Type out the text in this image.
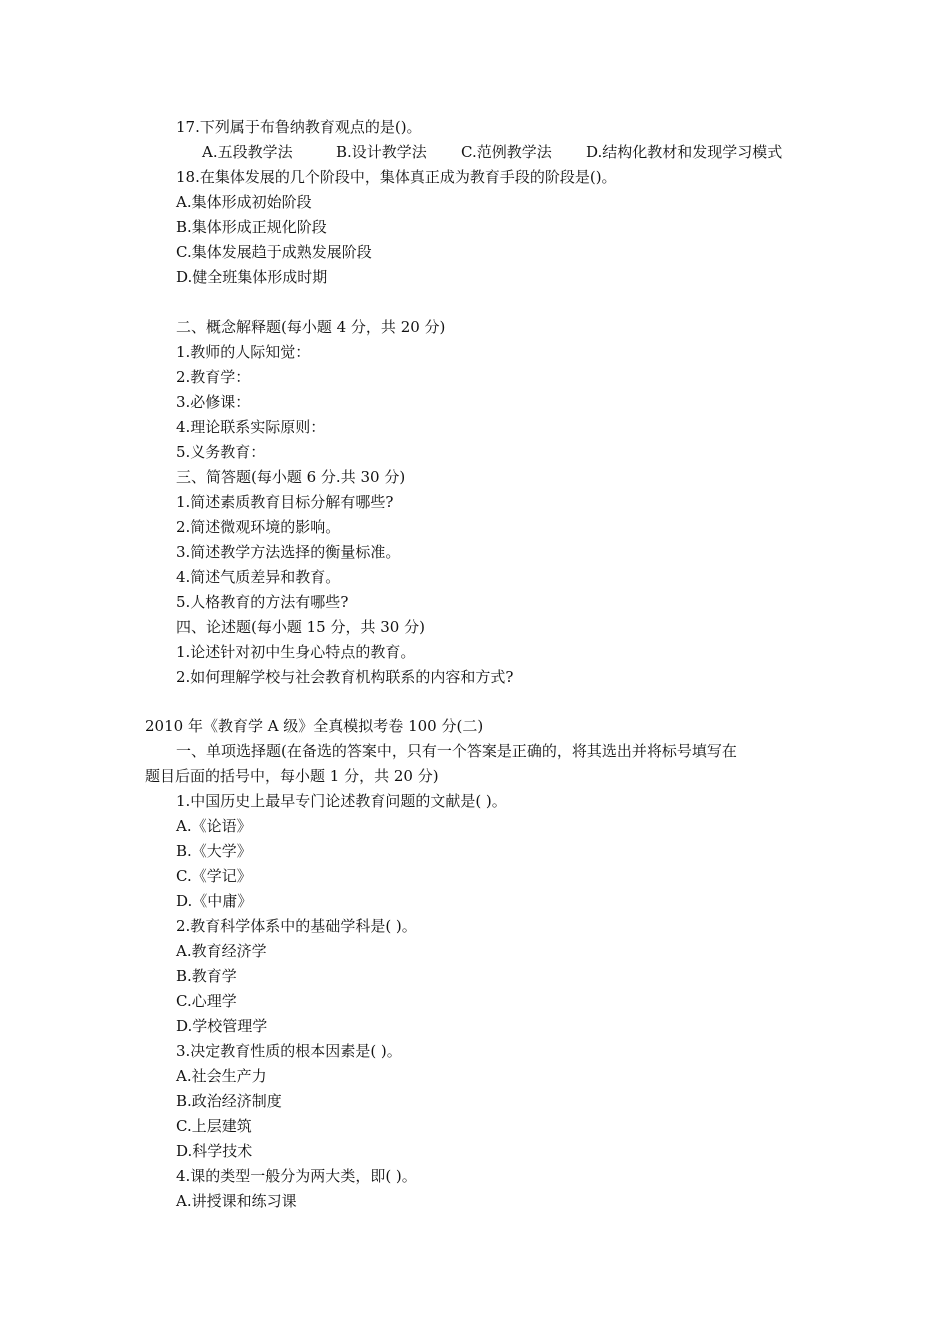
17.下列属于布鲁纳教育观点的是()。
A.五段教学法	B.设计教学法 C.范例教学法 D.结构化教材和发现学习模式
18.在集体发展的几个阶段中，集体真正成为教育手段的阶段是()。
A.集体形成初始阶段
B.集体形成正规化阶段
C.集体发展趋于成熟发展阶段
D.健全班集体形成时期
二、概念解释题(每小题 4 分，共 20 分)
1.教师的人际知觉：
2.教育学：
3.必修课：
4.理论联系实际原则：
5.义务教育：
三、简答题(每小题 6 分.共 30 分)
1.简述素质教育目标分解有哪些?
2.简述微观环境的影响。
3.简述教学方法选择的衡量标准。
4.简述气质差异和教育。
5.人格教育的方法有哪些?
四、论述题(每小题 15 分，共 30 分)
1.论述针对初中生身心特点的教育。
2.如何理解学校与社会教育机构联系的内容和方式?
2010 年《教育学 A 级》全真模拟考卷 100 分(二)
一、单项选择题(在备选的答案中，只有一个答案是正确的，将其选出并将标号填写在
题目后面的括号中，每小题 1 分，共 20 分)
1.中国历史上最早专门论述教育问题的文献是( )。
A.《论语》
B.《大学》
C.《学记》
D.《中庸》
2.教育科学体系中的基础学科是( )。
A.教育经济学
B.教育学
C.心理学
D.学校管理学
3.决定教育性质的根本因素是( )。
A.社会生产力
B.政治经济制度
C.上层建筑
D.科学技术
4.课的类型一般分为两大类，即( )。
A.讲授课和练习课
